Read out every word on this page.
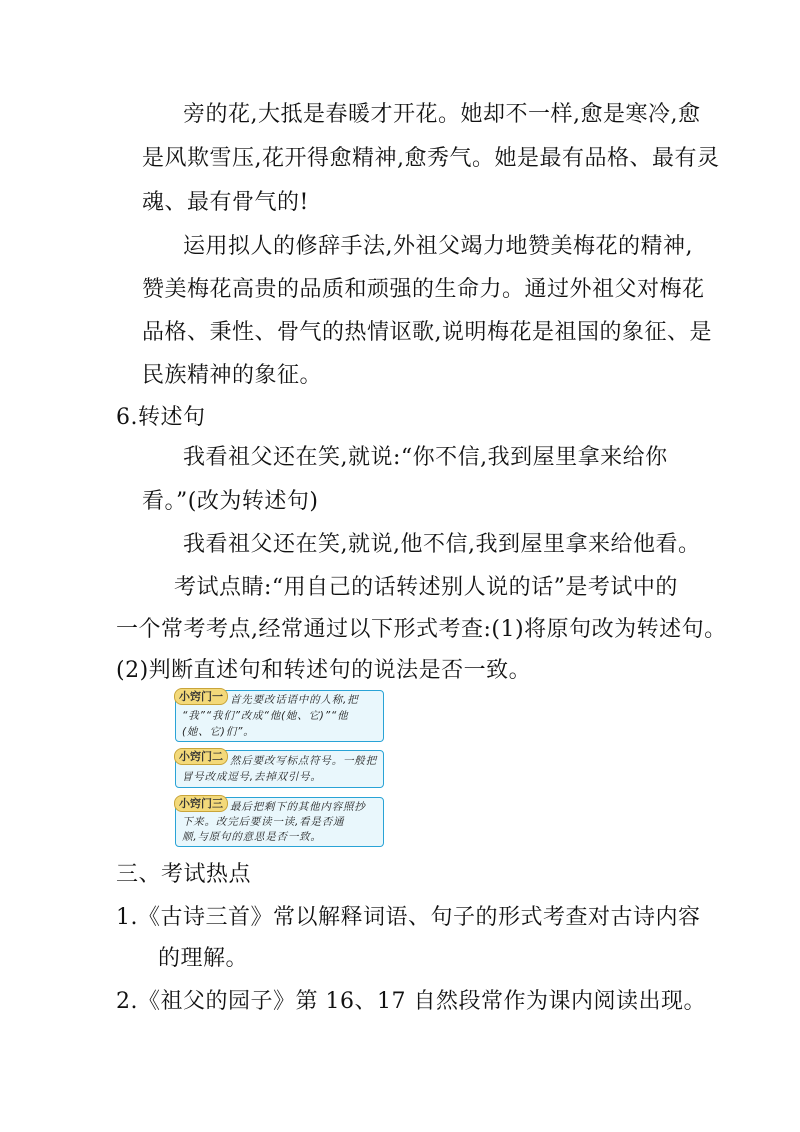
旁的花,大抵是春暖才开花。她却不一样,愈是寒冷,愈
是风欺雪压,花开得愈精神,愈秀气。她是最有品格、最有灵
魂、最有骨气的!
运用拟人的修辞手法,外祖父竭力地赞美梅花的精神,
赞美梅花高贵的品质和顽强的生命力。通过外祖父对梅花
品格、秉性、骨气的热情讴歌,说明梅花是祖国的象征、是
民族精神的象征。
6.转述句
我看祖父还在笑,就说:“你不信,我到屋里拿来给你
看。”(改为转述句)
我看祖父还在笑,就说,他不信,我到屋里拿来给他看。
考试点睛:“用自己的话转述别人说的话”是考试中的
一个常考考点,经常通过以下形式考查:(1)将原句改为转述句。
(2)判断直述句和转述句的说法是否一致。
小窍门一 首先要改话语中的人称,把
“我”“我们”改成“他(她、它)”“他
(她、它)们”。
小窍门二 然后要改写标点符号。一般把
冒号改成逗号,去掉双引号。
小窍门三 最后把剩下的其他内容照抄
下来。改完后要读一读,看是否通
顺,与原句的意思是否一致。
三、考试热点
1.《古诗三首》常以解释词语、句子的形式考查对古诗内容
的理解。
2.《祖父的园子》第 16、17 自然段常作为课内阅读出现。
